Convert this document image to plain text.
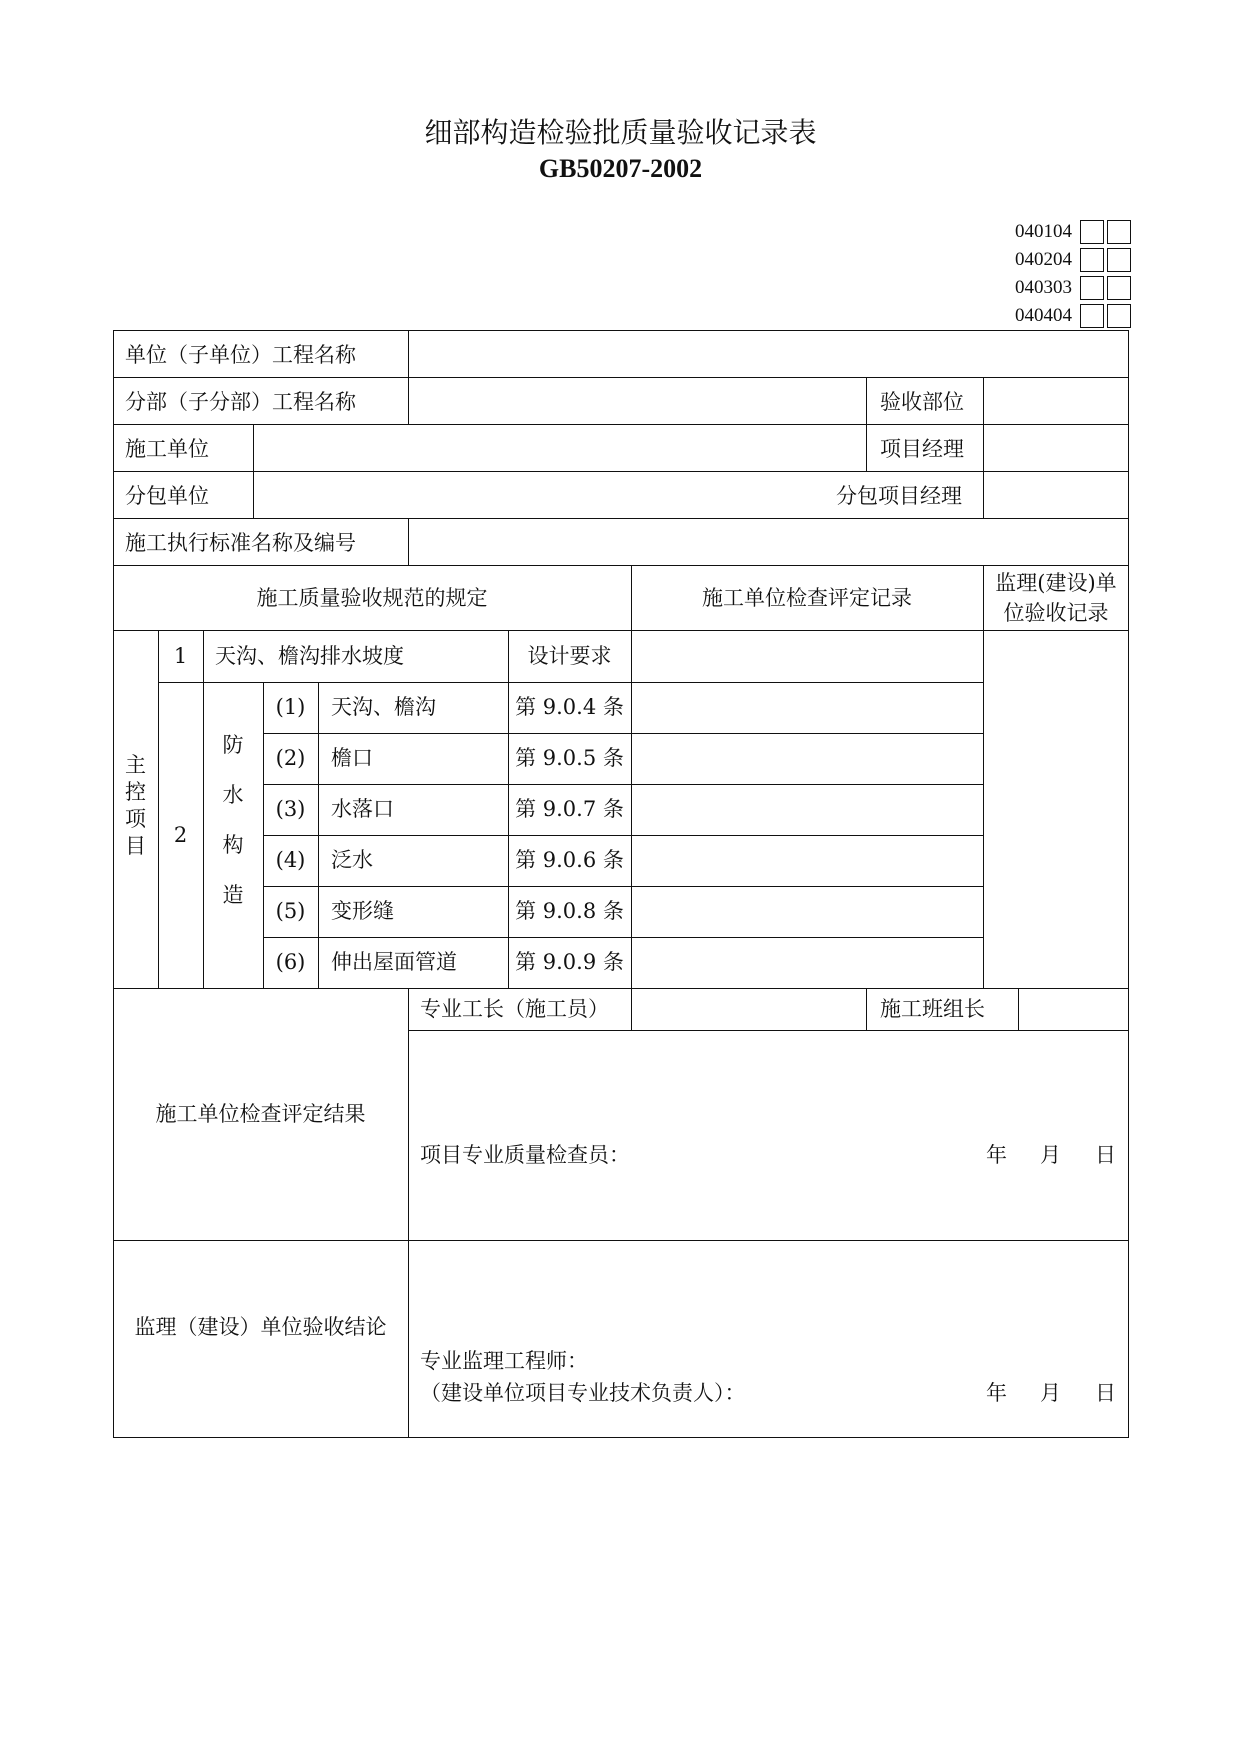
细部构造检验批质量验收记录表
GB50207-2002
040104
040204
040303
040404
单位（子单位）工程名称
分部（子分部）工程名称	验收部位
施工单位	项目经理
分包单位	分包项目经理
施工执行标准名称及编号
施工质量验收规范的规定	施工单位检查评定记录
监理(建设)单
位验收记录
主
控
项
目
1	天沟、檐沟排水坡度	设计要求
2
防
水
构
造
(1)	天沟、檐沟	第 9.0.4 条
(2)	檐口	第 9.0.5 条
(3)	水落口	第 9.0.7 条
(4)	泛水	第 9.0.6 条
(5)	变形缝	第 9.0.8 条
(6)	伸出屋面管道	第 9.0.9 条
施工单位检查评定结果
专业工长（施工员）	施工班组长
项目专业质量检查员：	年 月 日
监理（建设）单位验收结论
专业监理工程师：
（建设单位项目专业技术负责人）：	年 月 日
